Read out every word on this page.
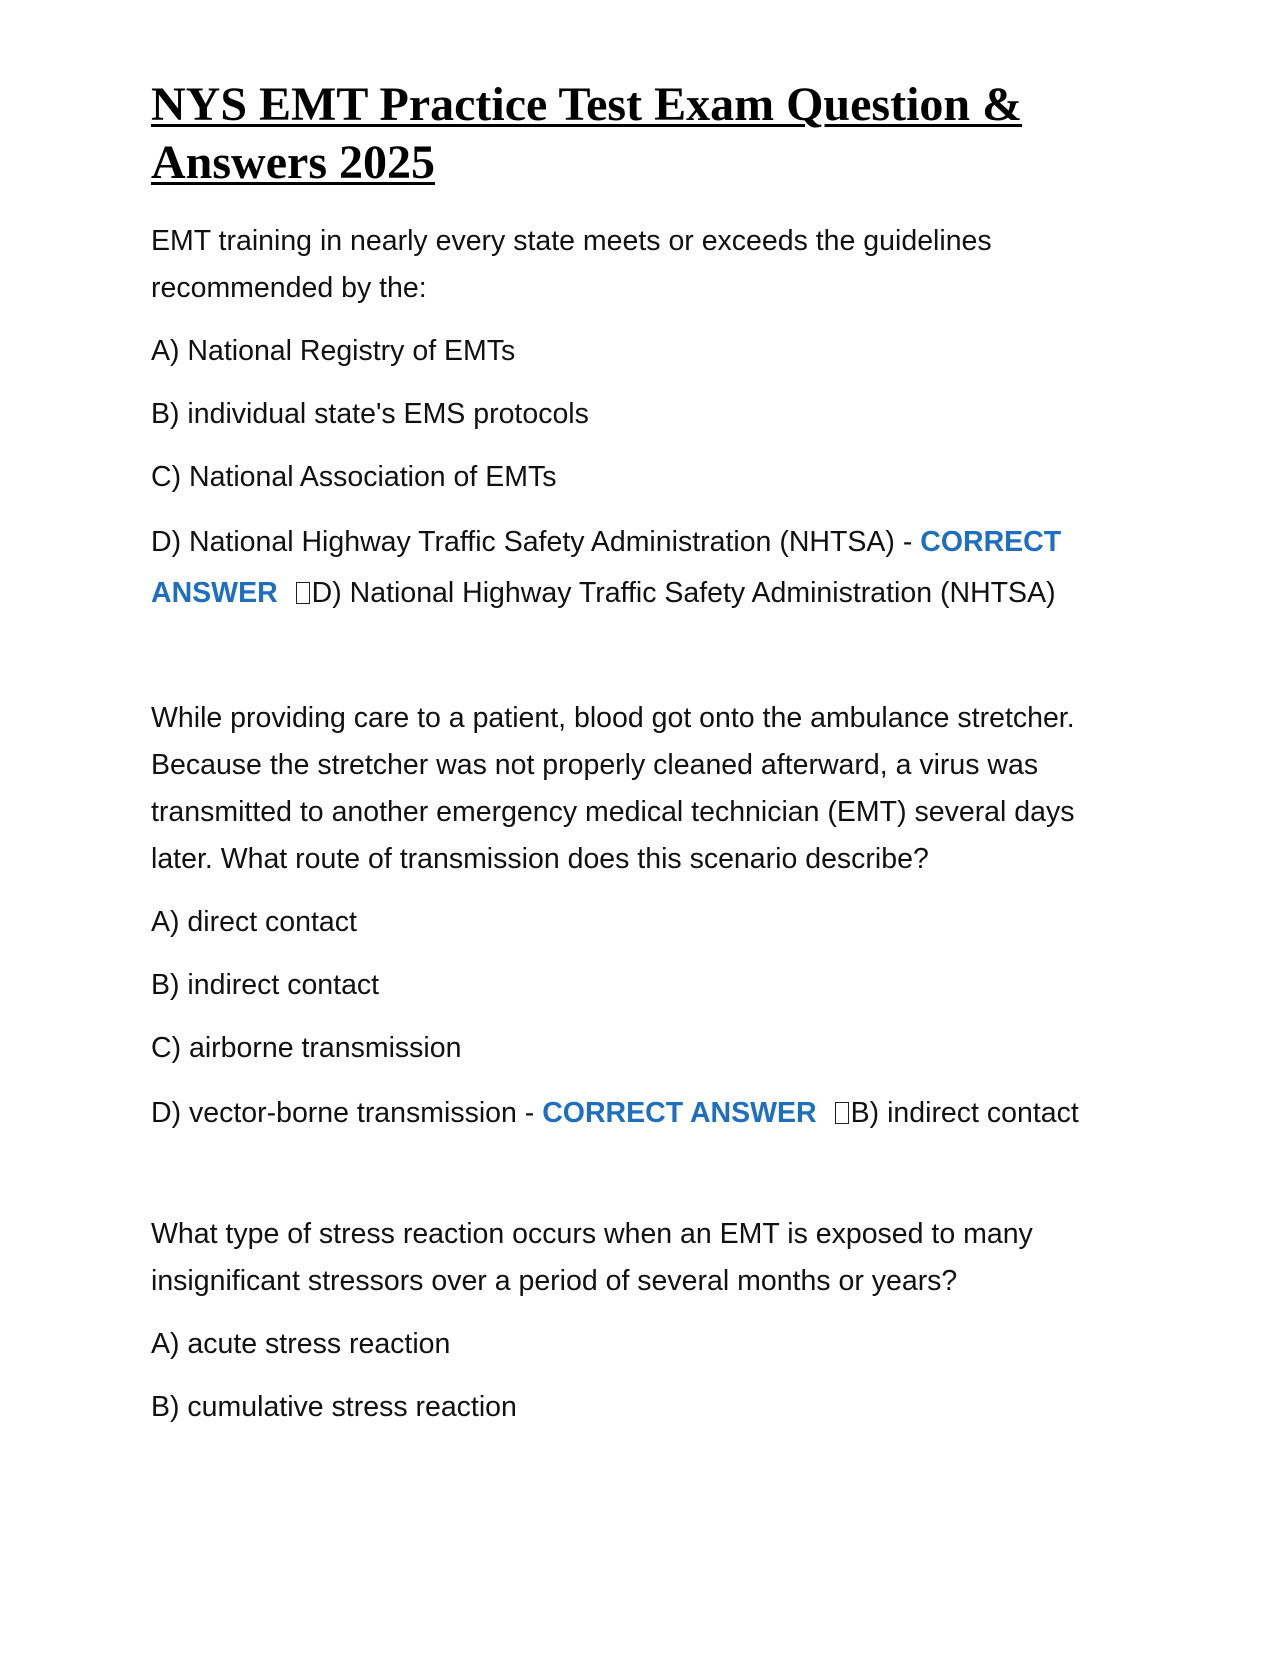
NYS EMT Practice Test Exam Question & Answers 2025

EMT training in nearly every state meets or exceeds the guidelines recommended by the:

A) National Registry of EMTs

B) individual state's EMS protocols

C) National Association of EMTs

D) National Highway Traffic Safety Administration (NHTSA) - CORRECT ANSWER D) National Highway Traffic Safety Administration (NHTSA)

While providing care to a patient, blood got onto the ambulance stretcher. Because the stretcher was not properly cleaned afterward, a virus was transmitted to another emergency medical technician (EMT) several days later. What route of transmission does this scenario describe?

A) direct contact

B) indirect contact

C) airborne transmission

D) vector-borne transmission - CORRECT ANSWER B) indirect contact

What type of stress reaction occurs when an EMT is exposed to many insignificant stressors over a period of several months or years?

A) acute stress reaction

B) cumulative stress reaction
